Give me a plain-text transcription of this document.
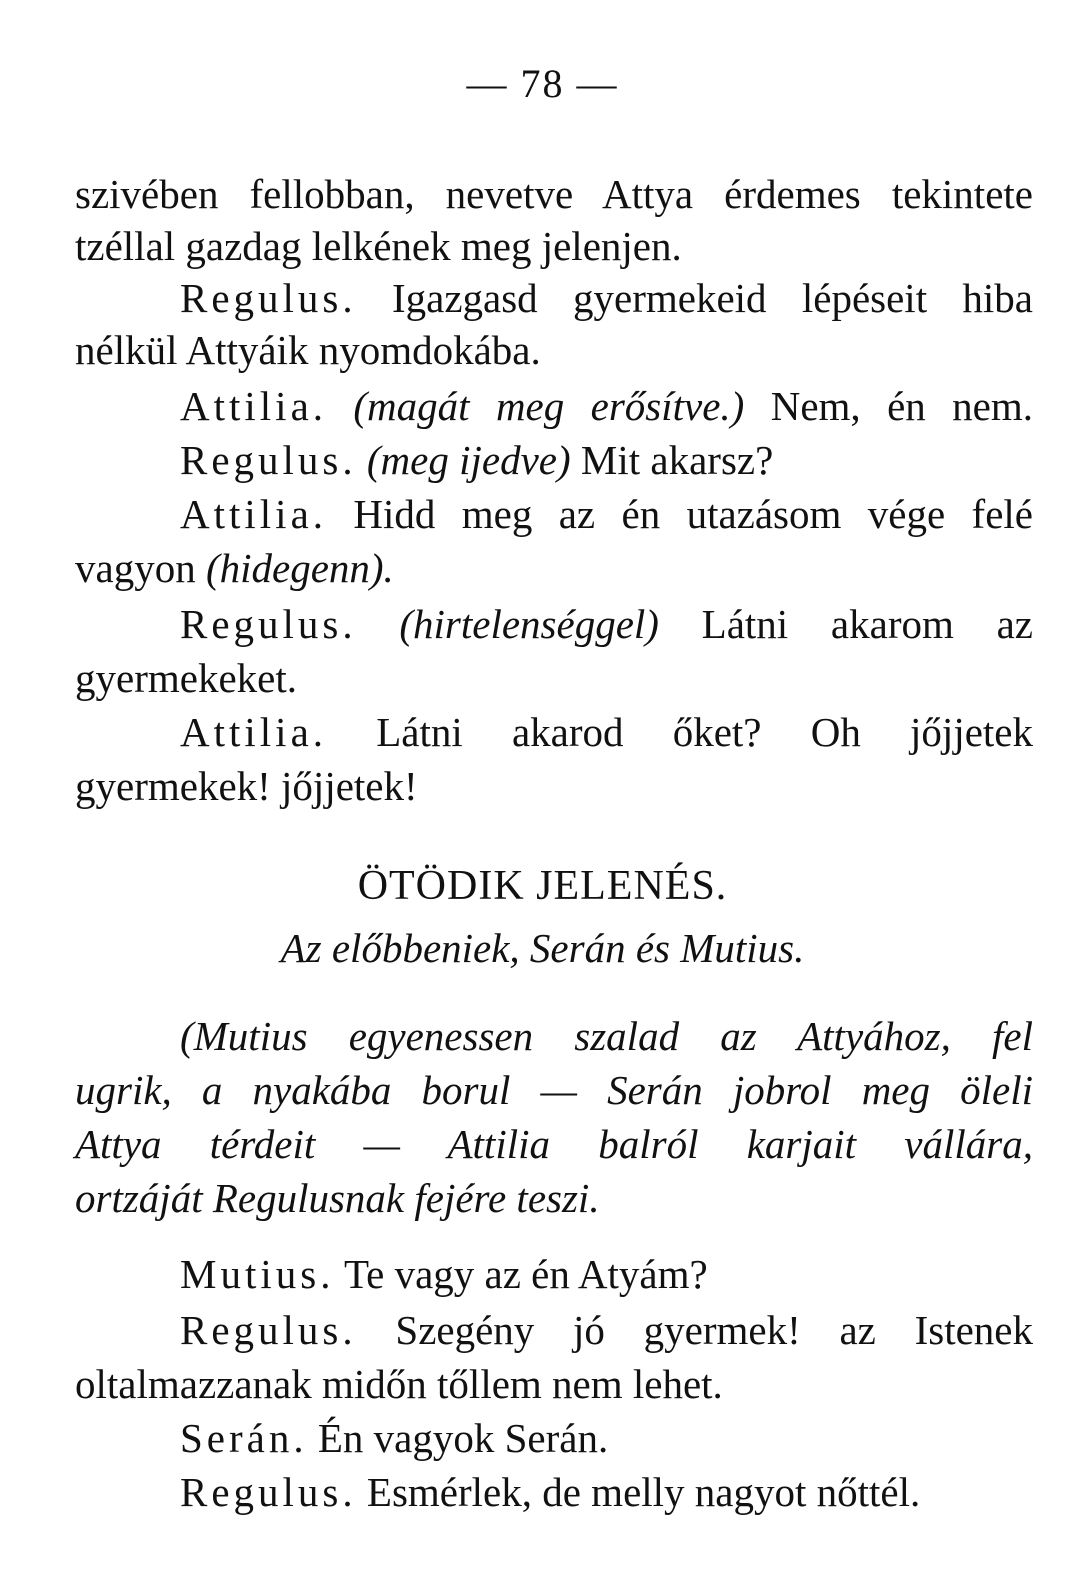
— 78 —
szivében fellobban, nevetve Attya érdemes tekintete
tzéllal gazdag lelkének meg jelenjen.
Regulus. Igazgasd gyermekeid lépéseit hiba
nélkül Attyáik nyomdokába.
Attilia. (magát meg erősítve.) Nem, én nem.
Regulus. (meg ijedve) Mit akarsz?
Attilia. Hidd meg az én utazásom vége felé
vagyon (hidegenn).
Regulus. (hirtelenséggel) Látni akarom az
gyermekeket.
Attilia. Látni akarod őket? Oh jőjjetek
gyermekek! jőjjetek!
ÖTÖDIK JELENÉS.
Az előbbeniek, Serán és Mutius.
(Mutius egyenessen szalad az Attyához, fel
ugrik, a nyakába borul — Serán jobrol meg öleli
Attya térdeit — Attilia balról karjait vállára,
ortzáját Regulusnak fejére teszi.
Mutius. Te vagy az én Atyám?
Regulus. Szegény jó gyermek! az Istenek
oltalmazzanak midőn tőllem nem lehet.
Serán. Én vagyok Serán.
Regulus. Esmérlek, de melly nagyot nőttél.
